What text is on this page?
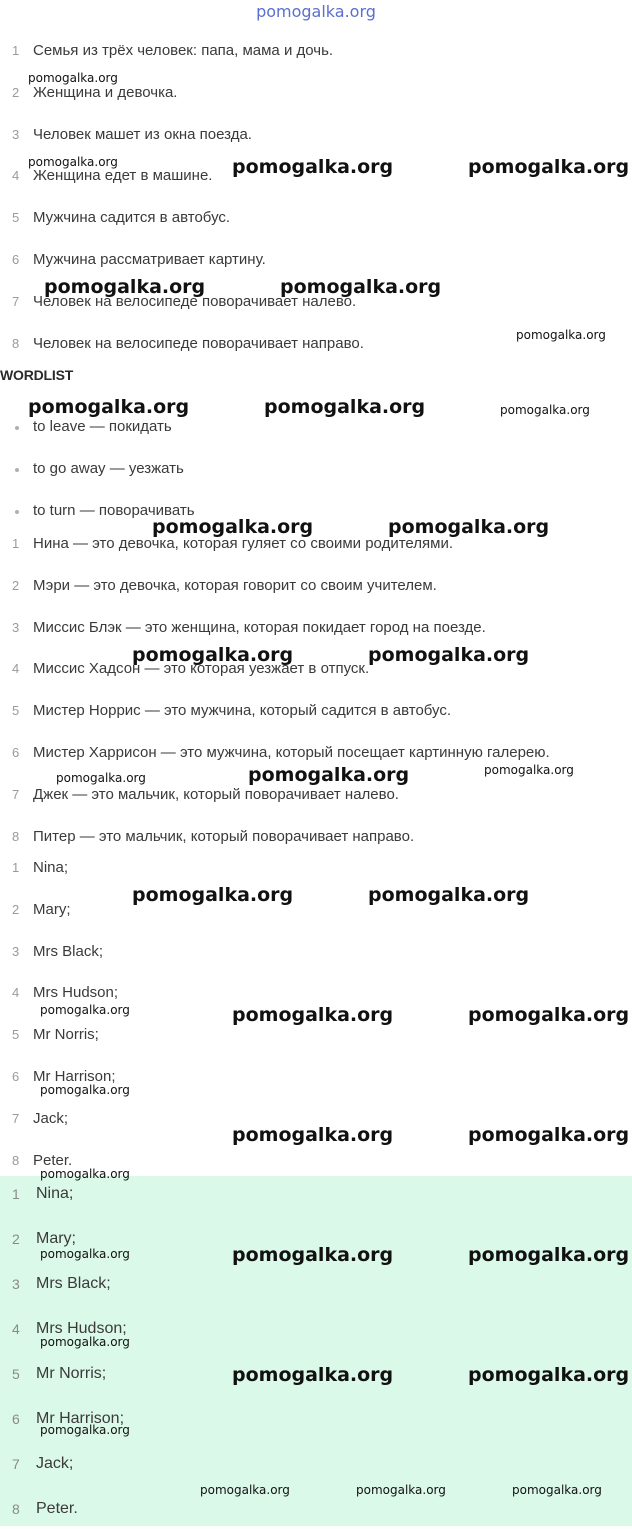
pomogalka.org
1 Семья из трёх человек: папа, мама и дочь.
2 Женщина и девочка.
3 Человек машет из окна поезда.
4 Женщина едет в машине.
5 Мужчина садится в автобус.
6 Мужчина рассматривает картину.
7 Человек на велосипеде поворачивает налево.
8 Человек на велосипеде поворачивает направо.
WORDLIST
to leave — покидать
to go away — уезжать
to turn — поворачивать
1 Нина — это девочка, которая гуляет со своими родителями.
2 Мэри — это девочка, которая говорит со своим учителем.
3 Миссис Блэк — это женщина, которая покидает город на поезде.
4 Миссис Хадсон — это которая уезжает в отпуск.
5 Мистер Норрис — это мужчина, который садится в автобус.
6 Мистер Харрисон — это мужчина, который посещает картинную галерею.
7 Джек — это мальчик, который поворачивает налево.
8 Питер — это мальчик, который поворачивает направо.
1 Nina;
2 Mary;
3 Mrs Black;
4 Mrs Hudson;
5 Mr Norris;
6 Mr Harrison;
7 Jack;
8 Peter.
1 Nina;
2 Mary;
3 Mrs Black;
4 Mrs Hudson;
5 Mr Norris;
6 Mr Harrison;
7 Jack;
8 Peter.
pomogalka.org
pomogalka.org	pomogalka.org	pomogalka.org
pomogalka.org	pomogalka.org
pomogalka.org
pomogalka.org	pomogalka.org	pomogalka.org
pomogalka.org	pomogalka.org
pomogalka.org	pomogalka.org
pomogalka.org	pomogalka.org	pomogalka.org
pomogalka.org	pomogalka.org
pomogalka.org	pomogalka.org	pomogalka.org
pomogalka.org
pomogalka.org	pomogalka.org
pomogalka.org
pomogalka.org	pomogalka.org	pomogalka.org
pomogalka.org
pomogalka.org	pomogalka.org
pomogalka.org
pomogalka.org	pomogalka.org	pomogalka.org
